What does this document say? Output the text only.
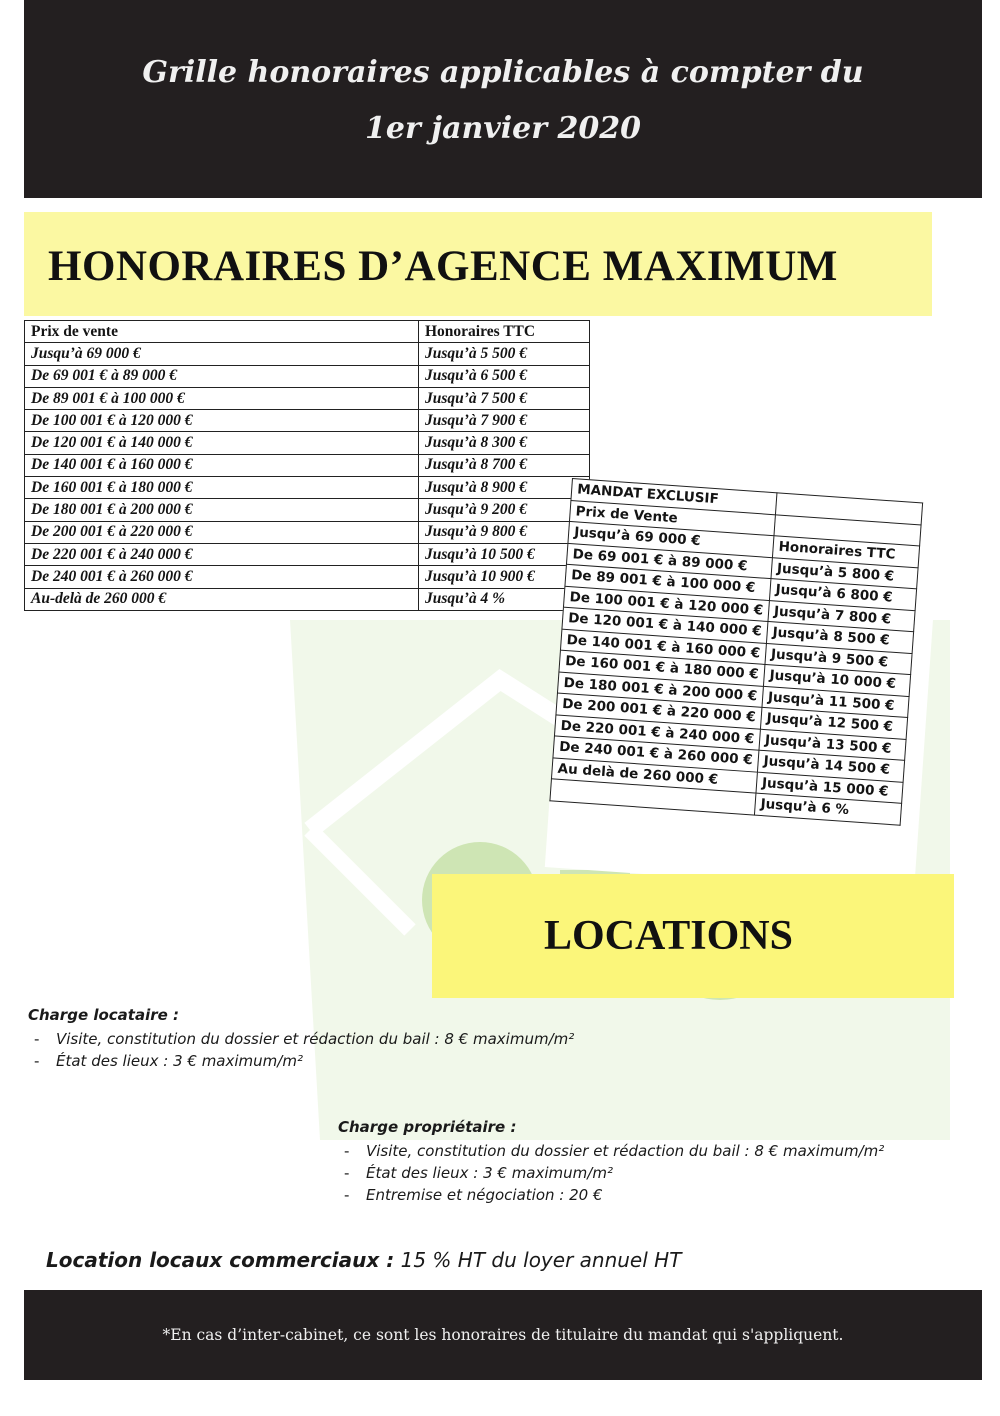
Grille honoraires applicables à compter du
1er janvier 2020
HONORAIRES D’AGENCE MAXIMUM
Prix de vente	Honoraires TTC
Jusqu’à 69 000 €	Jusqu’à 5 500 €
De 69 001 € à 89 000 €	Jusqu’à 6 500 €
De 89 001 € à 100 000 €	Jusqu’à 7 500 €
De 100 001 € à 120 000 €	Jusqu’à 7 900 €
De 120 001 € à 140 000 €	Jusqu’à 8 300 €
De 140 001 € à 160 000 €	Jusqu’à 8 700 €
De 160 001 € à 180 000 €	Jusqu’à 8 900 €
De 180 001 € à 200 000 €	Jusqu’à 9 200 €
De 200 001 € à 220 000 €	Jusqu’à 9 800 €
De 220 001 € à 240 000 €	Jusqu’à 10 500 €
De 240 001 € à 260 000 €	Jusqu’à 10 900 €
Au-delà de 260 000 €	Jusqu’à 4 %
MANDAT EXCLUSIF	
Prix de Vente	
Jusqu’à 69 000 €	Honoraires TTC
De 69 001 € à 89 000 €	Jusqu’à 5 800 €
De 89 001 € à 100 000 €	Jusqu’à 6 800 €
De 100 001 € à 120 000 €	Jusqu’à 7 800 €
De 120 001 € à 140 000 €	Jusqu’à 8 500 €
De 140 001 € à 160 000 €	Jusqu’à 9 500 €
De 160 001 € à 180 000 €	Jusqu’à 10 000 €
De 180 001 € à 200 000 €	Jusqu’à 11 500 €
De 200 001 € à 220 000 €	Jusqu’à 12 500 €
De 220 001 € à 240 000 €	Jusqu’à 13 500 €
De 240 001 € à 260 000 €	Jusqu’à 14 500 €
Au delà de 260 000 €	Jusqu’à 15 000 €
	Jusqu’à 6 %
LOCATIONS
Charge locataire :
- Visite, constitution du dossier et rédaction du bail : 8 € maximum/m²
- État des lieux : 3 € maximum/m²
Charge propriétaire :
- Visite, constitution du dossier et rédaction du bail : 8 € maximum/m²
- État des lieux : 3 € maximum/m²
- Entremise et négociation : 20 €
Location locaux commerciaux : 15 % HT du loyer annuel HT
*En cas d’inter-cabinet, ce sont les honoraires de titulaire du mandat qui s'appliquent.
